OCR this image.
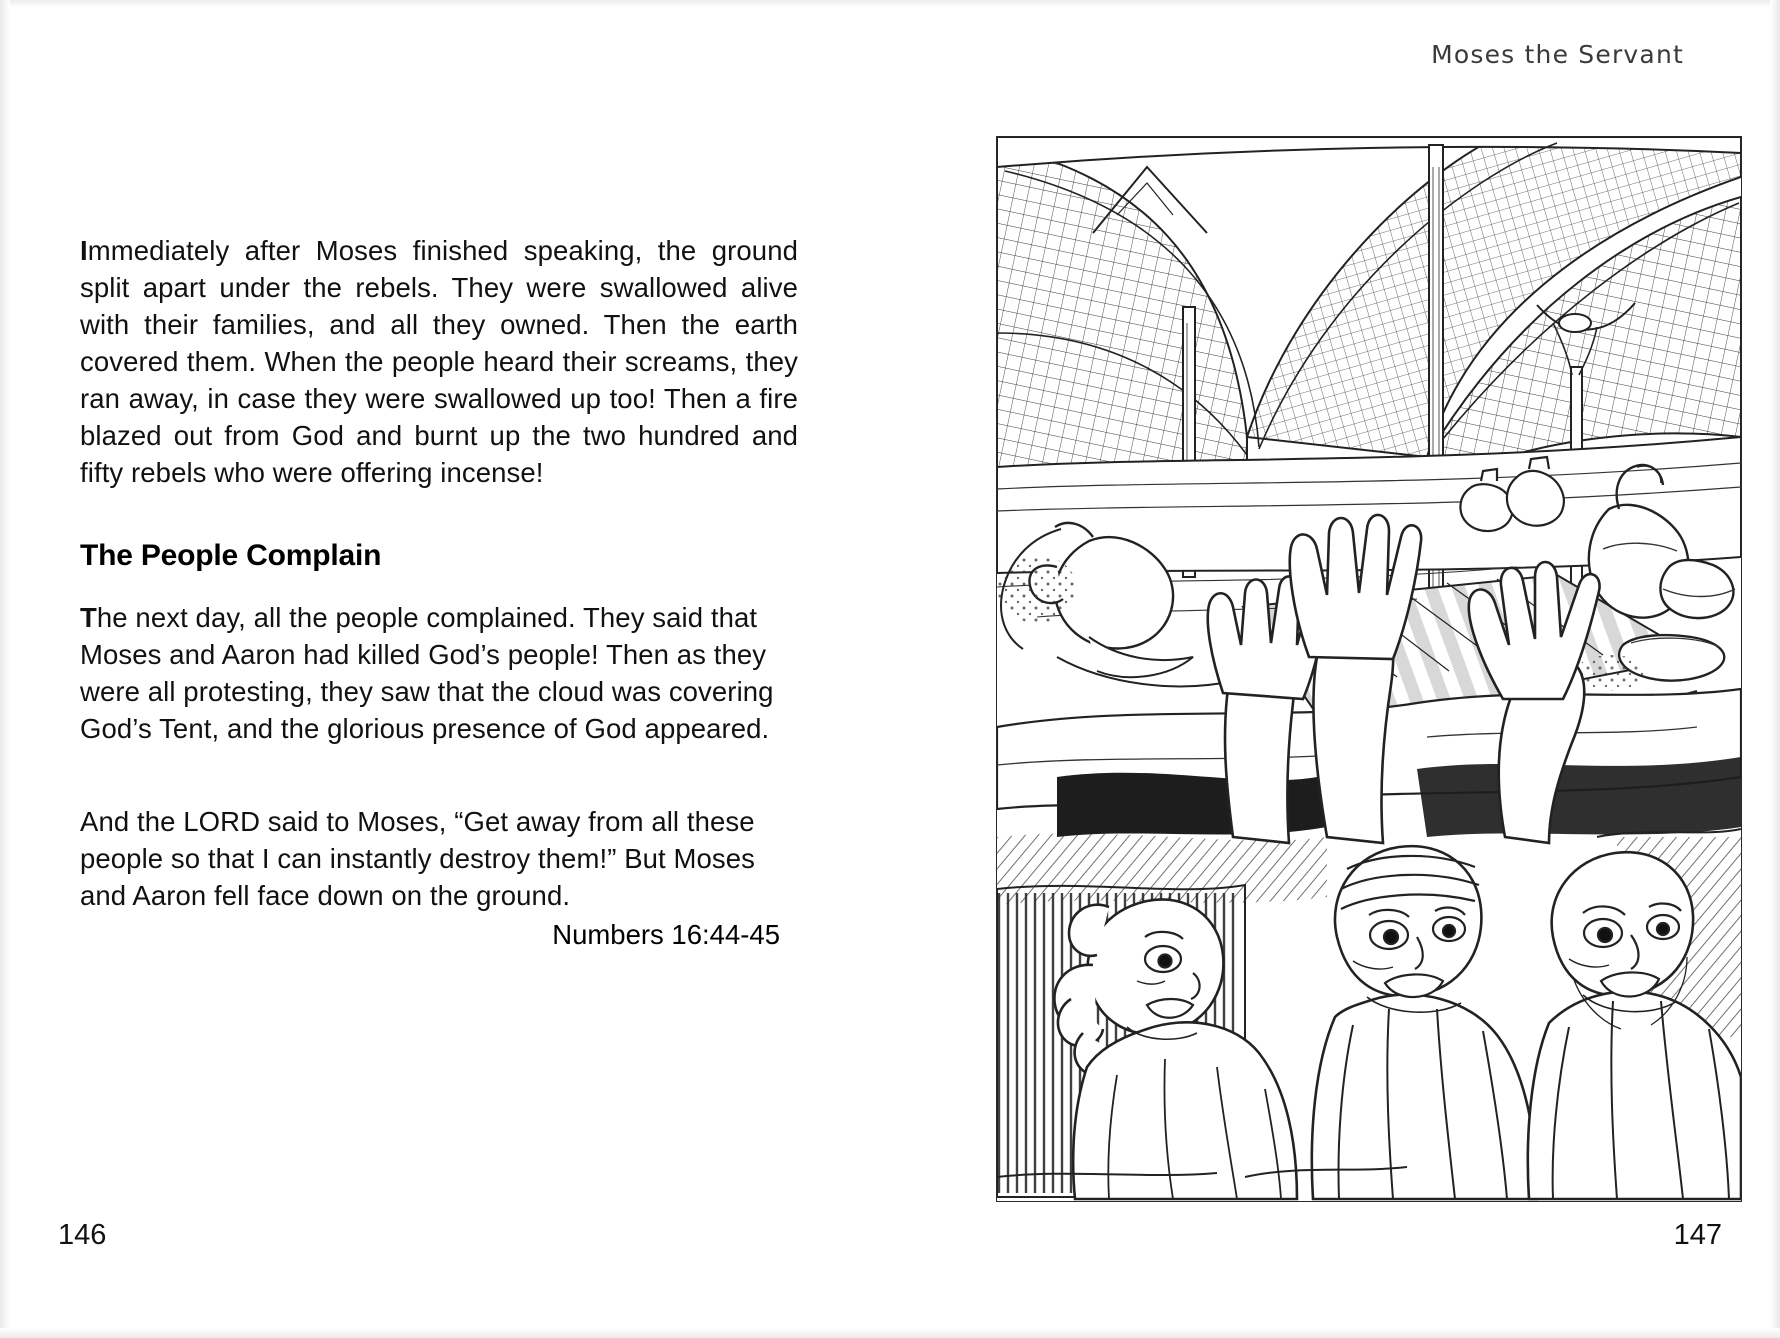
Moses the Servant

Immediately after Moses finished speaking, the ground split apart under the rebels. They were swallowed alive with their families, and all they owned. Then the earth covered them. When the people heard their screams, they ran away, in case they were swallowed up too! Then a fire blazed out from God and burnt up the two hundred and fifty rebels who were offering incense!

The People Complain

The next day, all the people complained. They said that Moses and Aaron had killed God’s people! Then as they were all protesting, they saw that the cloud was covering God’s Tent, and the glorious presence of God appeared.

And the LORD said to Moses, “Get away from all these people so that I can instantly destroy them!” But Moses and Aaron fell face down on the ground.

Numbers 16:44-45
146	147
